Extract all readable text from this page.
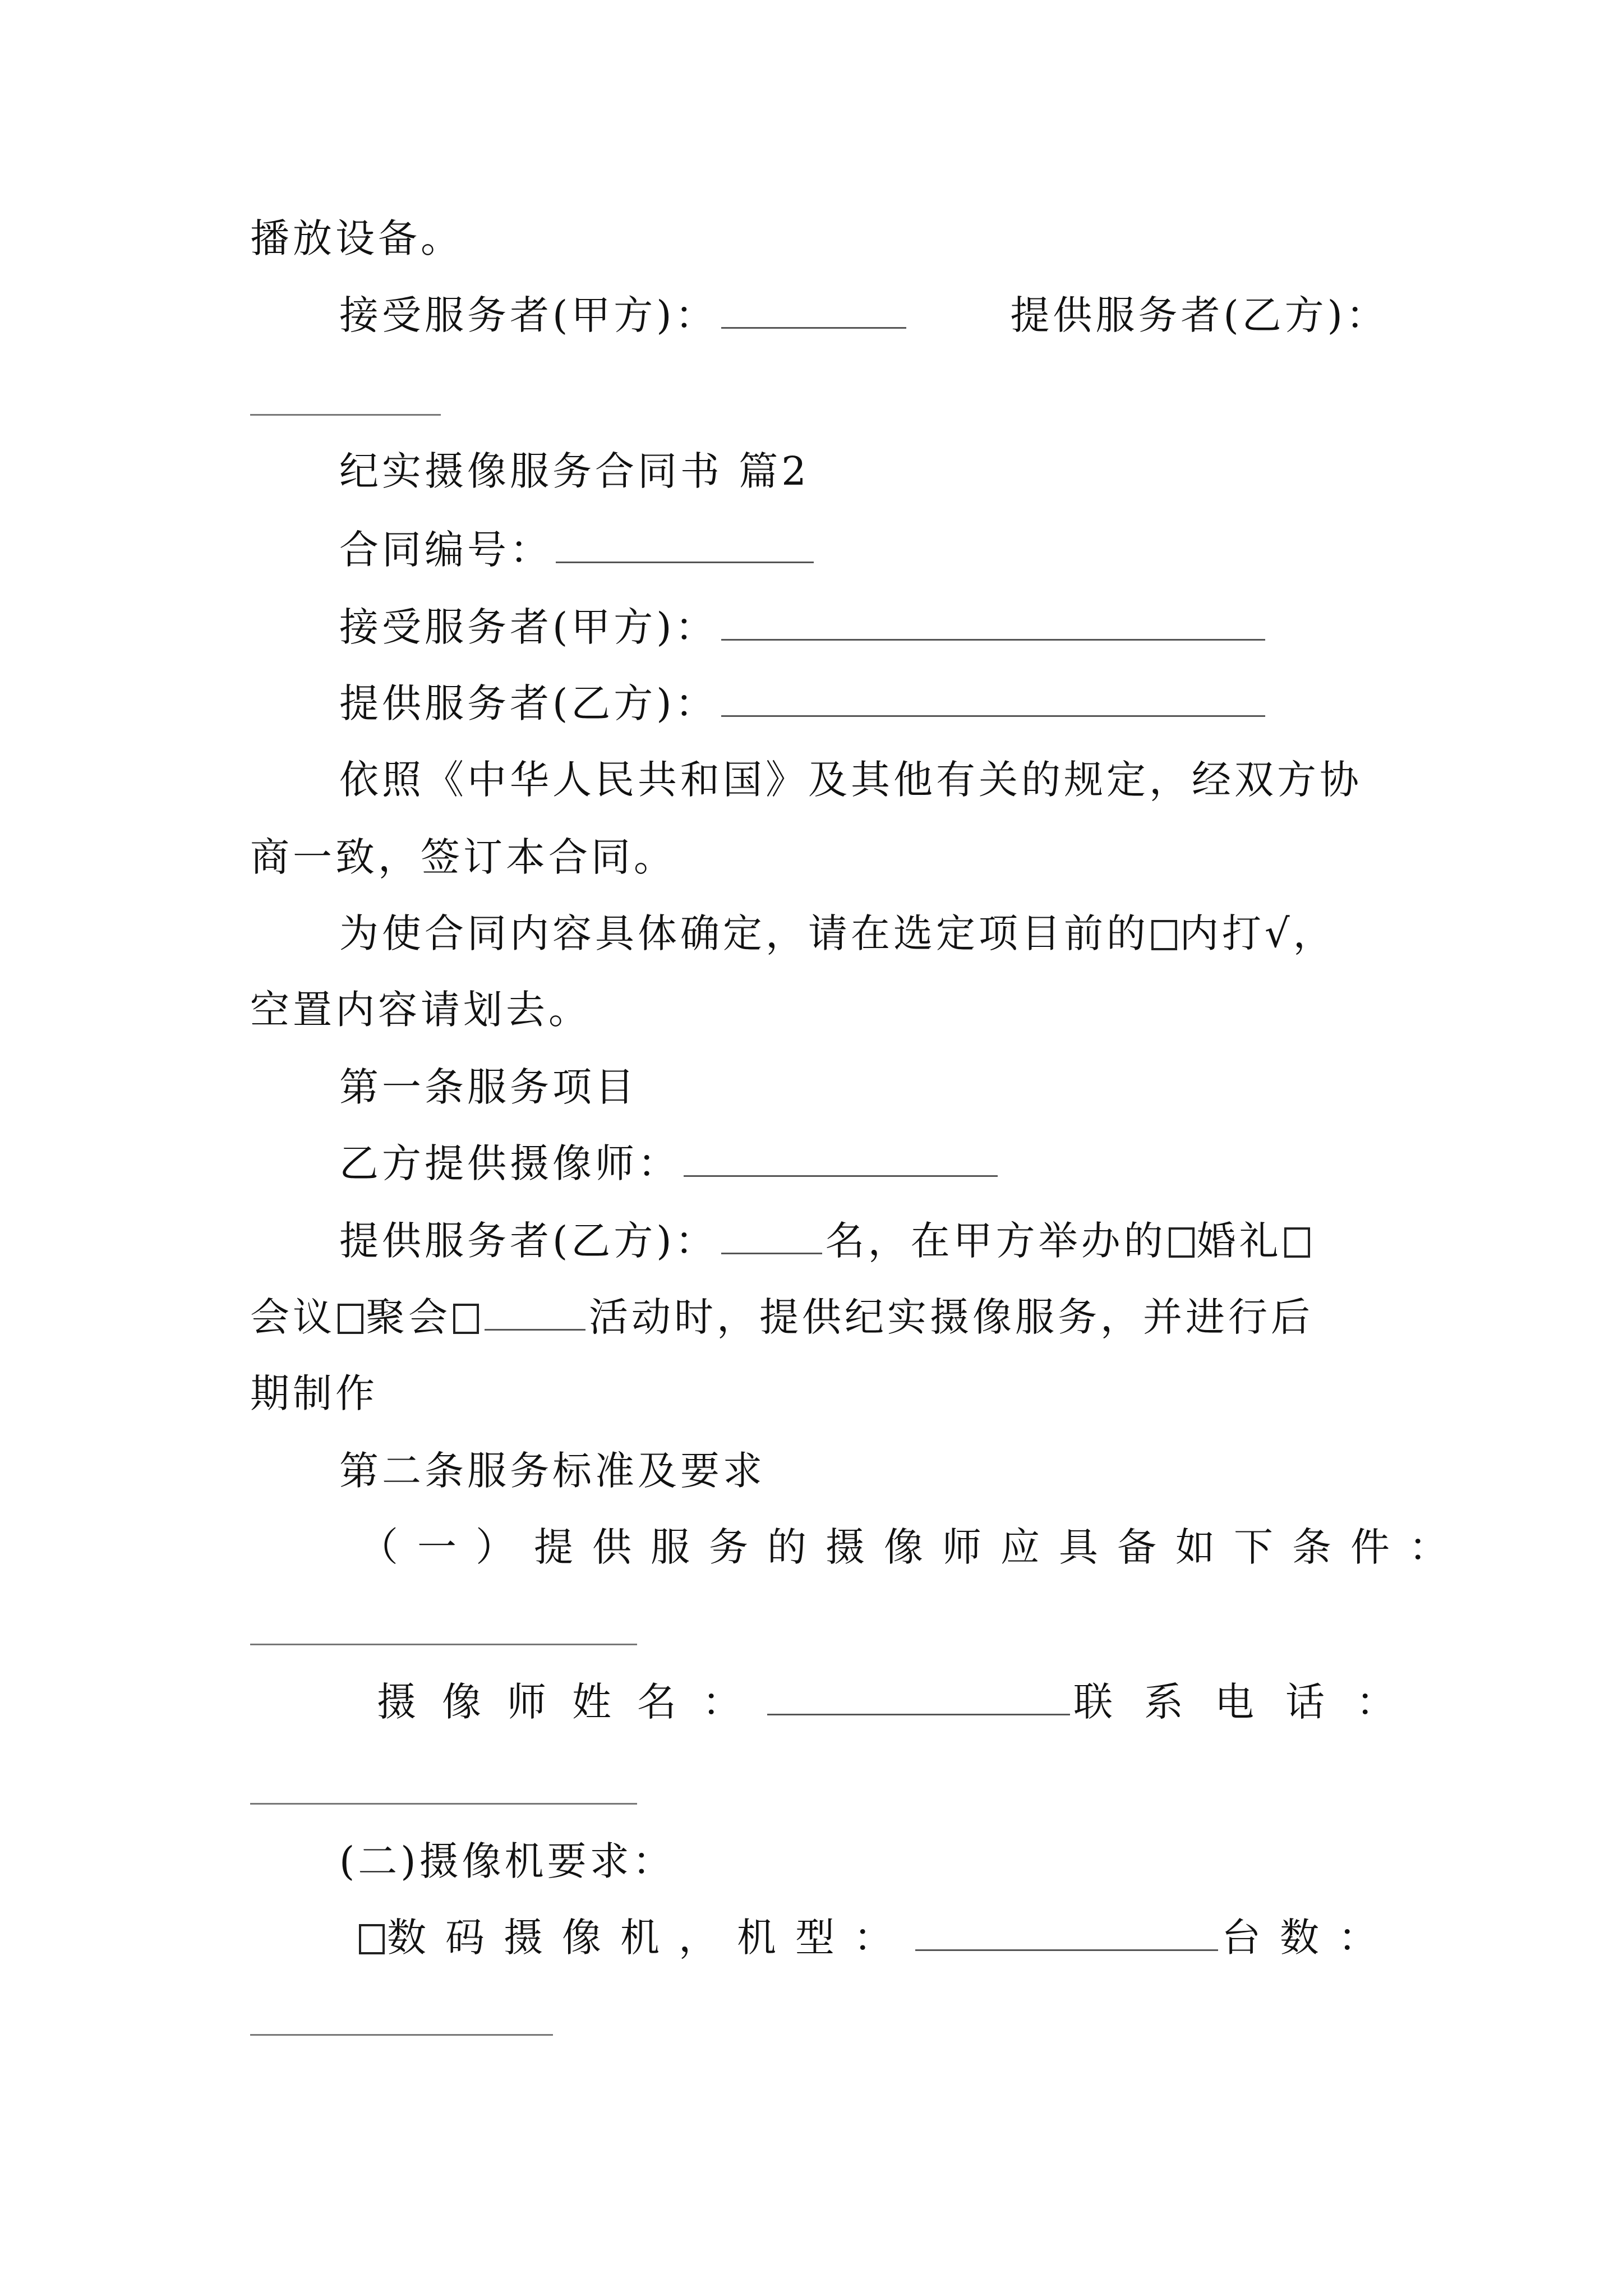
播放设备。
接受服务者(甲方)：	提供服务者(乙方)：
纪实摄像服务合同书 篇2
合同编号：
接受服务者(甲方)：
提供服务者(乙方)：
依照《中华人民共和国》及其他有关的规定，经双方协
商一致，签订本合同。
为使合同内容具体确定，请在选定项目前的 内打√，
空置内容请划去。
第一条服务项目
乙方提供摄像师：
提供服务者(乙方)：	名，在甲方举办的 婚礼
会议 聚会	活动时，提供纪实摄像服务，并进行后
期制作
第二条服务标准及要求
（一）提供服务的摄像师应具备如下条件：
摄像师姓名：	联系电话：
(二)摄像机要求：
数码摄像机，机型：	台数：
